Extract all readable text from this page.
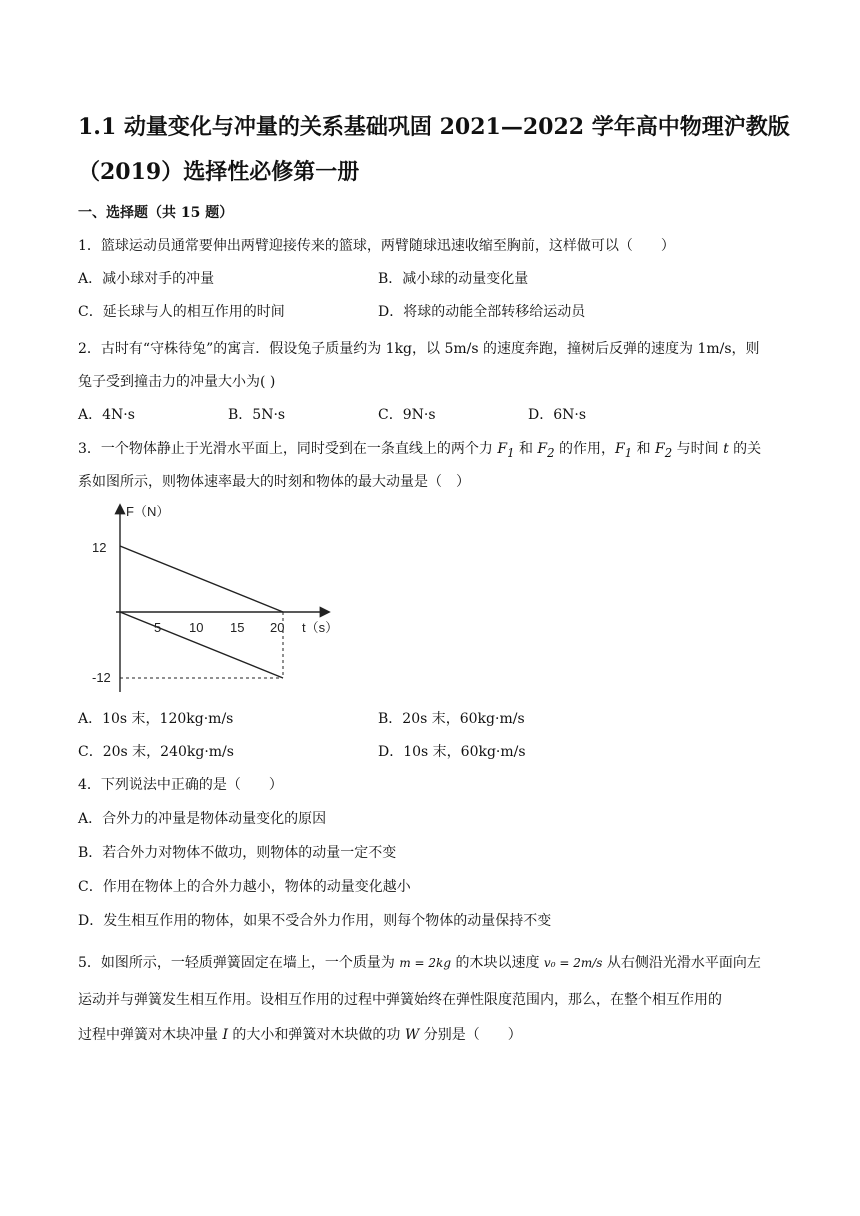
1.1 动量变化与冲量的关系基础巩固 2021—2022 学年高中物理沪教版
（2019）选择性必修第一册
一、选择题（共 15 题）
1．篮球运动员通常要伸出两臂迎接传来的篮球，两臂随球迅速收缩至胸前，这样做可以（　　）
A．减小球对手的冲量	B．减小球的动量变化量
C．延长球与人的相互作用的时间	D．将球的动能全部转移给运动员
2．古时有“守株待兔”的寓言．假设兔子质量约为 1kg，以 5m/s 的速度奔跑，撞树后反弹的速度为 1m/s，则
兔子受到撞击力的冲量大小为( )
A．4N·s	B．5N·s	C．9N·s	D．6N·s
3．一个物体静止于光滑水平面上，同时受到在一条直线上的两个力 $F_1$ 和 $F_2$ 的作用，$F_1$ 和 $F_2$ 与时间 t 的关
系如图所示，则物体速率最大的时刻和物体的最大动量是（　）
F（N）
t（s）
12
-12
5 10 15 20
A．10s 末，120kg·m/s	B．20s 末，60kg·m/s
C．20s 末，240kg·m/s	D．10s 末，60kg·m/s
4．下列说法中正确的是（　　）
A．合外力的冲量是物体动量变化的原因
B．若合外力对物体不做功，则物体的动量一定不变
C．作用在物体上的合外力越小，物体的动量变化越小
D．发生相互作用的物体，如果不受合外力作用，则每个物体的动量保持不变
5．如图所示，一轻质弹簧固定在墙上，一个质量为 m = 2kg 的木块以速度 v₀ = 2m/s 从右侧沿光滑水平面向左
运动并与弹簧发生相互作用。设相互作用的过程中弹簧始终在弹性限度范围内，那么，在整个相互作用的
过程中弹簧对木块冲量 I 的大小和弹簧对木块做的功 W 分别是（　　）
